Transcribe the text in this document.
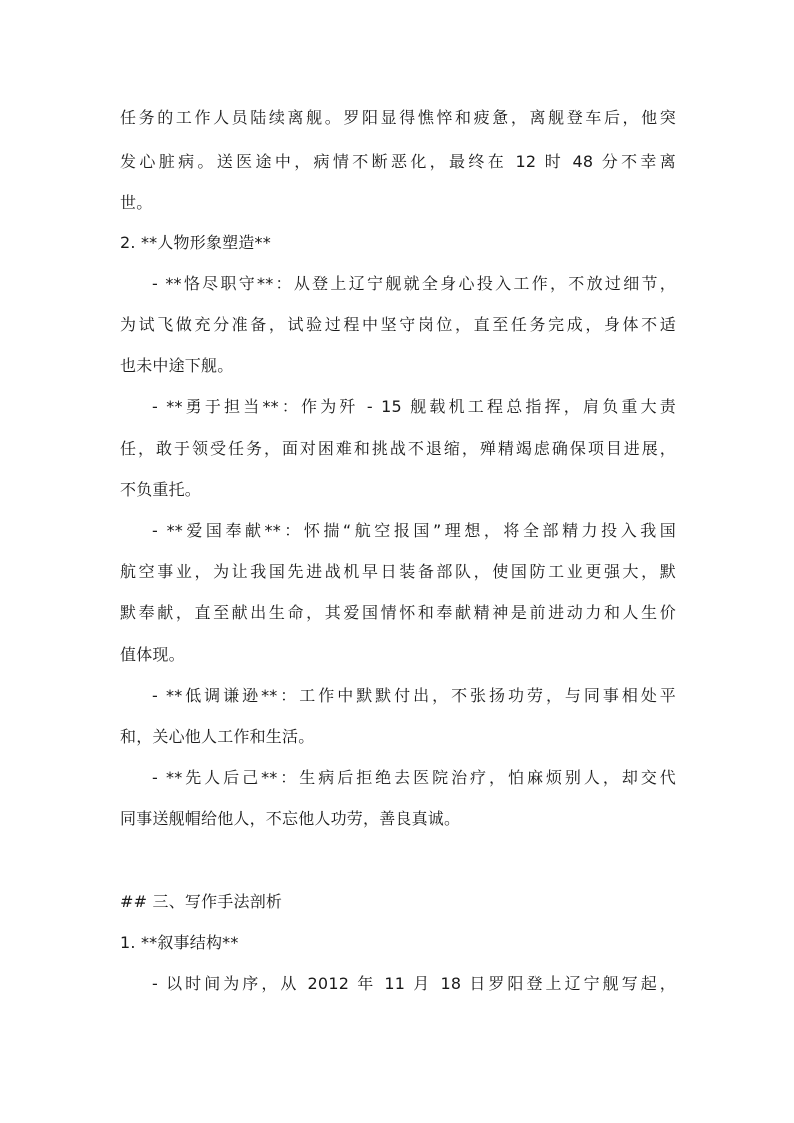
任务的工作人员陆续离舰。罗阳显得憔悴和疲惫，离舰登车后，他突
发心脏病。送医途中，病情不断恶化，最终在 12 时 48 分不幸离
世。
2. **人物形象塑造**
- **恪尽职守**：从登上辽宁舰就全身心投入工作，不放过细节，
为试飞做充分准备，试验过程中坚守岗位，直至任务完成，身体不适
也未中途下舰。
- **勇于担当**：作为歼 - 15 舰载机工程总指挥，肩负重大责
任，敢于领受任务，面对困难和挑战不退缩，殚精竭虑确保项目进展，
不负重托。
- **爱国奉献**：怀揣“航空报国”理想，将全部精力投入我国
航空事业，为让我国先进战机早日装备部队，使国防工业更强大，默
默奉献，直至献出生命，其爱国情怀和奉献精神是前进动力和人生价
值体现。
- **低调谦逊**：工作中默默付出，不张扬功劳，与同事相处平
和，关心他人工作和生活。
- **先人后己**：生病后拒绝去医院治疗，怕麻烦别人，却交代
同事送舰帽给他人，不忘他人功劳，善良真诚。
## 三、写作手法剖析
1. **叙事结构**
- 以时间为序，从 2012 年 11 月 18 日罗阳登上辽宁舰写起，
